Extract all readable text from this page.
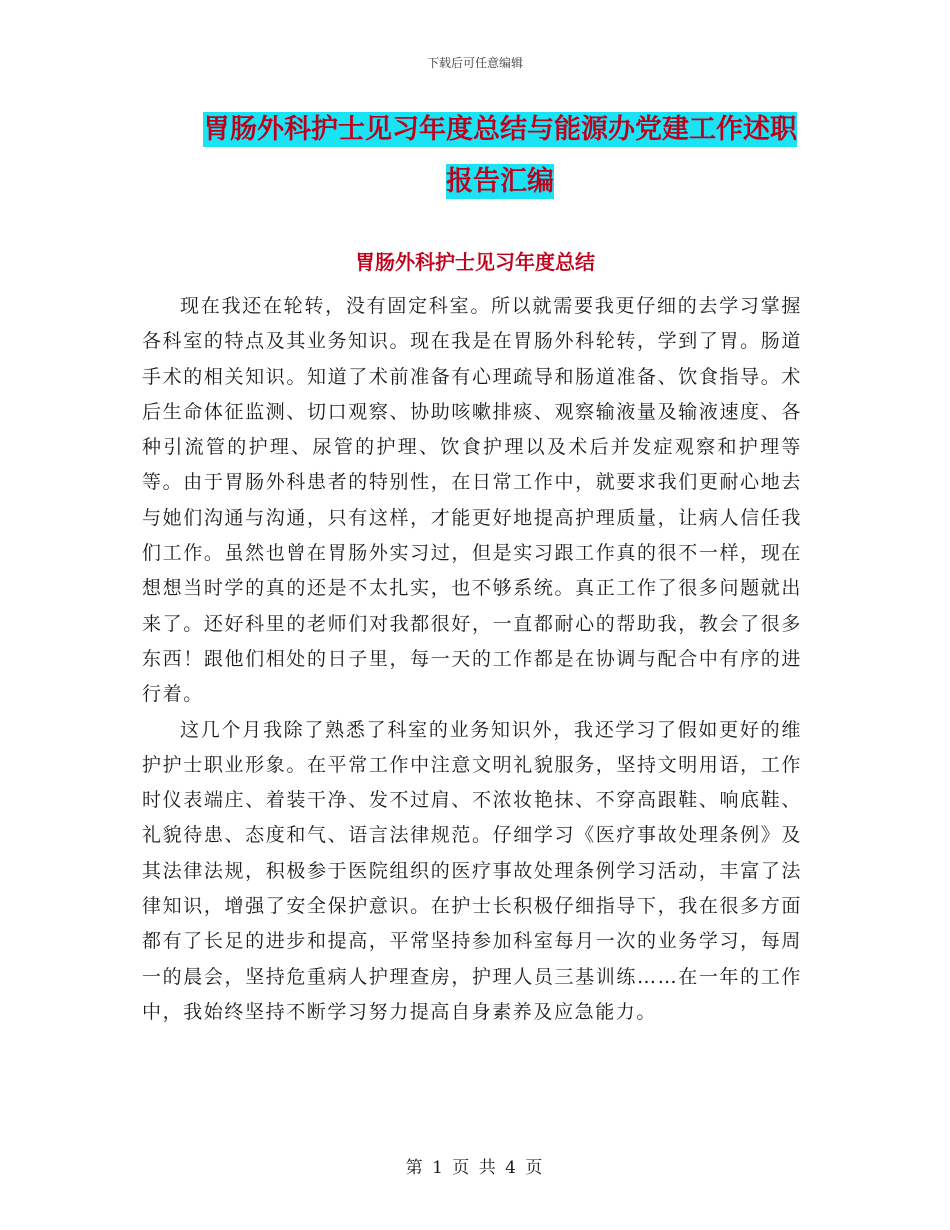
下载后可任意编辑
胃肠外科护士见习年度总结与能源办党建工作述职报告汇编
胃肠外科护士见习年度总结

现在我还在轮转，没有固定科室。所以就需要我更仔细的去学习掌握各科室的特点及其业务知识。现在我是在胃肠外科轮转，学到了胃。肠道手术的相关知识。知道了术前准备有心理疏导和肠道准备、饮食指导。术后生命体征监测、切口观察、协助咳嗽排痰、观察输液量及输液速度、各种引流管的护理、尿管的护理、饮食护理以及术后并发症观察和护理等等。由于胃肠外科患者的特别性，在日常工作中，就要求我们更耐心地去与她们沟通与沟通，只有这样，才能更好地提高护理质量，让病人信任我们工作。虽然也曾在胃肠外实习过，但是实习跟工作真的很不一样，现在想想当时学的真的还是不太扎实，也不够系统。真正工作了很多问题就出来了。还好科里的老师们对我都很好，一直都耐心的帮助我，教会了很多东西！跟他们相处的日子里，每一天的工作都是在协调与配合中有序的进行着。

这几个月我除了熟悉了科室的业务知识外，我还学习了假如更好的维护护士职业形象。在平常工作中注意文明礼貌服务，坚持文明用语，工作时仪表端庄、着装干净、发不过肩、不浓妆艳抹、不穿高跟鞋、响底鞋、礼貌待患、态度和气、语言法律规范。仔细学习《医疗事故处理条例》及其法律法规，积极参于医院组织的医疗事故处理条例学习活动，丰富了法律知识，增强了安全保护意识。在护士长积极仔细指导下，我在很多方面都有了长足的进步和提高，平常坚持参加科室每月一次的业务学习，每周一的晨会，坚持危重病人护理查房，护理人员三基训练……在一年的工作中，我始终坚持不断学习努力提高自身素养及应急能力。

第 1 页 共 4 页
